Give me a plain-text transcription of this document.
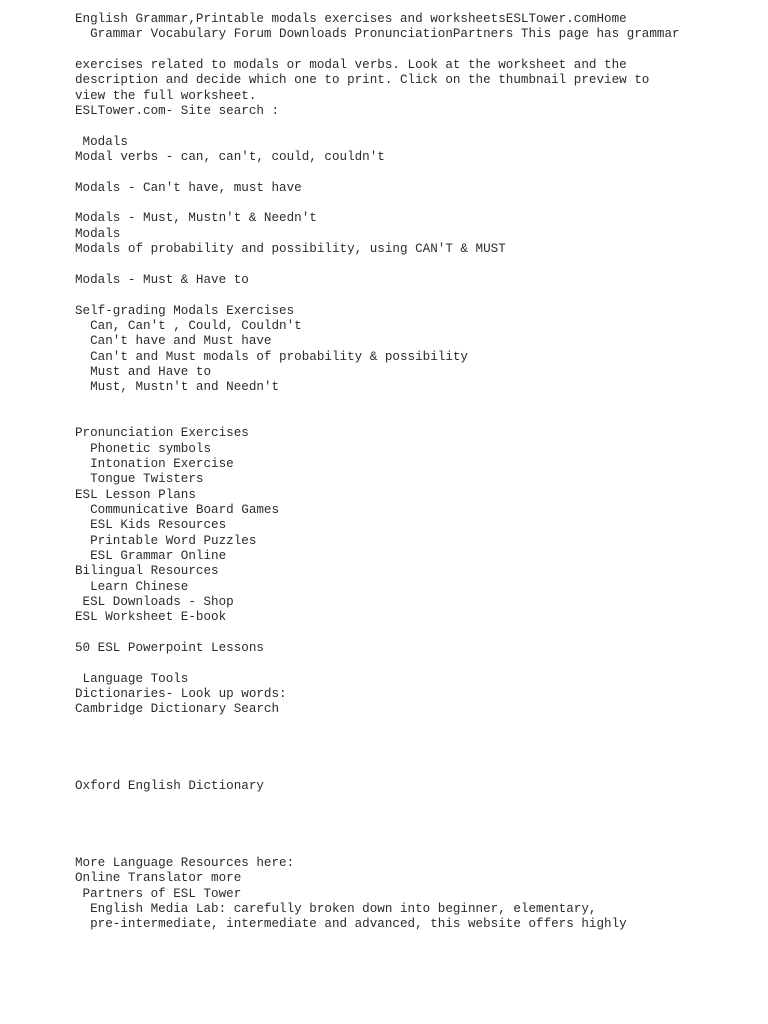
English Grammar,Printable modals exercises and worksheetsESLTower.comHome
Grammar Vocabulary Forum Downloads PronunciationPartners This page has grammar
exercises related to modals or modal verbs. Look at the worksheet and the
description and decide which one to print. Click on the thumbnail preview to
view the full worksheet.
ESLTower.com- Site search :
Modals
Modal verbs - can, can't, could, couldn't
Modals - Can't have, must have
Modals - Must, Mustn't & Needn't
Modals
Modals of probability and possibility, using CAN'T & MUST
Modals - Must & Have to
Self-grading Modals Exercises
Can, Can't , Could, Couldn't
Can't have and Must have
Can't and Must modals of probability & possibility
Must and Have to
Must, Mustn't and Needn't
Pronunciation Exercises
Phonetic symbols
Intonation Exercise
Tongue Twisters
ESL Lesson Plans
Communicative Board Games
ESL Kids Resources
Printable Word Puzzles
ESL Grammar Online
Bilingual Resources
Learn Chinese
ESL Downloads - Shop
ESL Worksheet E-book
50 ESL Powerpoint Lessons
Language Tools
Dictionaries- Look up words:
Cambridge Dictionary Search
Oxford English Dictionary
More Language Resources here:
Online Translator more
Partners of ESL Tower
English Media Lab: carefully broken down into beginner, elementary,
pre-intermediate, intermediate and advanced, this website offers highly
